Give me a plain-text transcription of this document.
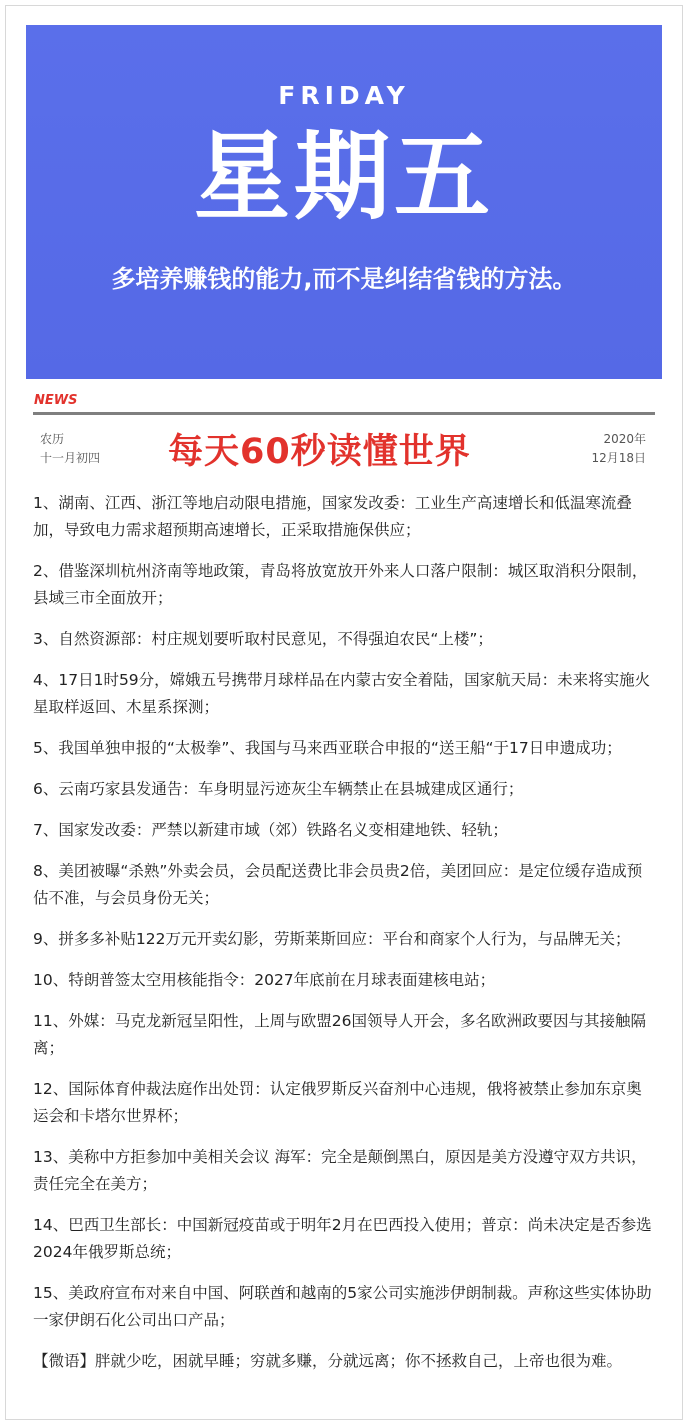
FRIDAY
星期五
多培养赚钱的能力,而不是纠结省钱的方法。
NEWS
农历
十一月初四 每天60秒读懂世界	2020年
12月18日
1、湖南、江西、浙江等地启动限电措施，国家发改委：工业生产高速增长和低温寒流叠加，导致电力需求超预期高速增长，正采取措施保供应；
2、借鉴深圳杭州济南等地政策，青岛将放宽放开外来人口落户限制：城区取消积分限制，县域三市全面放开；
3、自然资源部：村庄规划要听取村民意见，不得强迫农民“上楼”；
4、17日1时59分，嫦娥五号携带月球样品在内蒙古安全着陆，国家航天局：未来将实施火星取样返回、木星系探测；
5、我国单独申报的“太极拳”、我国与马来西亚联合申报的“送王船“于17日申遗成功；
6、云南巧家县发通告：车身明显污迹灰尘车辆禁止在县城建成区通行；
7、国家发改委：严禁以新建市域（郊）铁路名义变相建地铁、轻轨；
8、美团被曝“杀熟”外卖会员，会员配送费比非会员贵2倍，美团回应：是定位缓存造成预估不准，与会员身份无关；
9、拼多多补贴122万元开卖幻影，劳斯莱斯回应：平台和商家个人行为，与品牌无关；
10、特朗普签太空用核能指令：2027年底前在月球表面建核电站；
11、外媒：马克龙新冠呈阳性，上周与欧盟26国领导人开会，多名欧洲政要因与其接触隔离；
12、国际体育仲裁法庭作出处罚：认定俄罗斯反兴奋剂中心违规，俄将被禁止参加东京奥运会和卡塔尔世界杯；
13、美称中方拒参加中美相关会议 海军：完全是颠倒黑白，原因是美方没遵守双方共识，责任完全在美方；
14、巴西卫生部长：中国新冠疫苗或于明年2月在巴西投入使用；普京：尚未决定是否参选2024年俄罗斯总统；
15、美政府宣布对来自中国、阿联酋和越南的5家公司实施涉伊朗制裁。声称这些实体协助一家伊朗石化公司出口产品；
【微语】胖就少吃，困就早睡；穷就多赚，分就远离；你不拯救自己，上帝也很为难。
